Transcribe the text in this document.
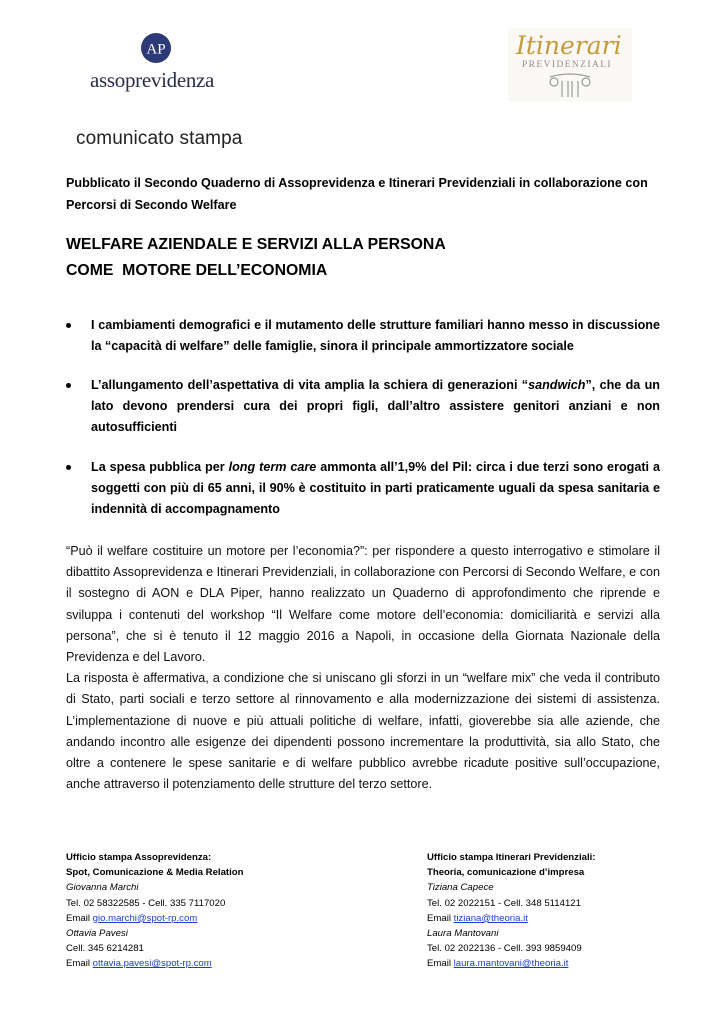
AP
assoprevidenza
Itinerari
PREVIDENZIALI
comunicato stampa
Pubblicato il Secondo Quaderno di Assoprevidenza e Itinerari Previdenziali in collaborazione con Percorsi di Secondo Welfare
WELFARE AZIENDALE E SERVIZI ALLA PERSONA
COME  MOTORE DELL’ECONOMIA
I cambiamenti demografici e il mutamento delle strutture familiari hanno messo in discussione la “capacità di welfare” delle famiglie, sinora il principale ammortizzatore sociale
L’allungamento dell’aspettativa di vita amplia la schiera di generazioni “sandwich”, che da un lato devono prendersi cura dei propri figli, dall’altro assistere genitori anziani e non autosufficienti
La spesa pubblica per long term care ammonta all’1,9% del Pil: circa i due terzi sono erogati a soggetti con più di 65 anni, il 90% è costituito in parti praticamente uguali da spesa sanitaria e indennità di accompagnamento

“Può il welfare costituire un motore per l’economia?”: per rispondere a questo interrogativo e stimolare il dibattito Assoprevidenza e Itinerari Previdenziali, in collaborazione con Percorsi di Secondo Welfare, e con il sostegno di AON e DLA Piper, hanno realizzato un Quaderno di approfondimento che riprende e sviluppa i contenuti del workshop “Il Welfare come motore dell’economia: domiciliarità e servizi alla persona”, che si è tenuto il 12 maggio 2016 a Napoli, in occasione della Giornata Nazionale della Previdenza e del Lavoro.

La risposta è affermativa, a condizione che si uniscano gli sforzi in un “welfare mix” che veda il contributo di Stato, parti sociali e terzo settore al rinnovamento e alla modernizzazione dei sistemi di assistenza. L’implementazione di nuove e più attuali politiche di welfare, infatti, gioverebbe sia alle aziende, che andando incontro alle esigenze dei dipendenti possono incrementare la produttività, sia allo Stato, che oltre a contenere le spese sanitarie e di welfare pubblico avrebbe ricadute positive sull’occupazione, anche attraverso il potenziamento delle strutture del terzo settore.

Ufficio stampa Assoprevidenza:
Spot, Comunicazione & Media Relation
Giovanna Marchi
Tel. 02 58322585 - Cell. 335 7117020
Email gio.marchi@spot-rp.com
Ottavia Pavesi
Cell. 345 6214281
Email ottavia.pavesi@spot-rp.com
Ufficio stampa Itinerari Previdenziali:
Theoria, comunicazione d’impresa
Tiziana Capece
Tel. 02 2022151 - Cell. 348 5114121
Email tiziana@theoria.it
Laura Mantovani
Tel. 02 2022136 - Cell. 393 9859409
Email laura.mantovani@theoria.it
